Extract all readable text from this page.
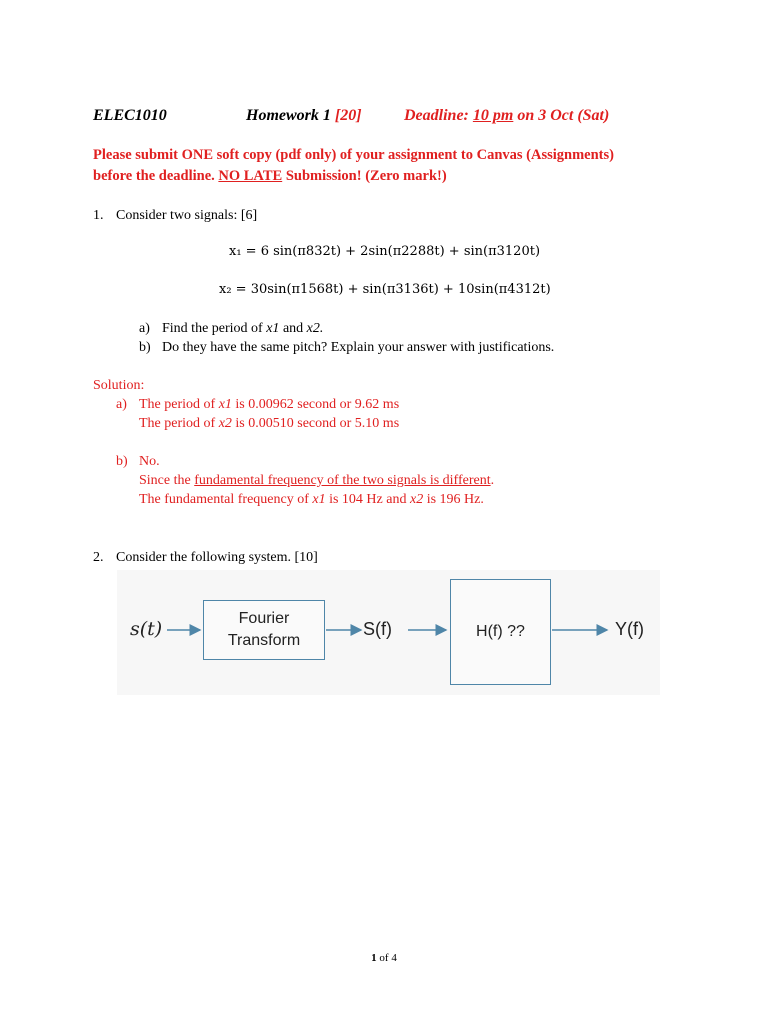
ELEC1010	Homework 1 [20]	Deadline: 10 pm on 3 Oct (Sat)
Please submit ONE soft copy (pdf only) of your assignment to Canvas (Assignments)
before the deadline. NO LATE Submission! (Zero mark!)
1. Consider two signals: [6]
x₁ = 6 sin(π832t) + 2sin(π2288t) + sin(π3120t)
x₂ = 30sin(π1568t) + sin(π3136t) + 10sin(π4312t)
a) Find the period of x1 and x2.
b) Do they have the same pitch? Explain your answer with justifications.
Solution:
a) The period of x1 is 0.00962 second or 9.62 ms
The period of x2 is 0.00510 second or 5.10 ms
b) No.
Since the fundamental frequency of the two signals is different.
The fundamental frequency of x1 is 104 Hz and x2 is 196 Hz.
2. Consider the following system. [10]
s(t)	Fourier
Transform
S(f)	H(f) ??	Y(f)
1 of 4
